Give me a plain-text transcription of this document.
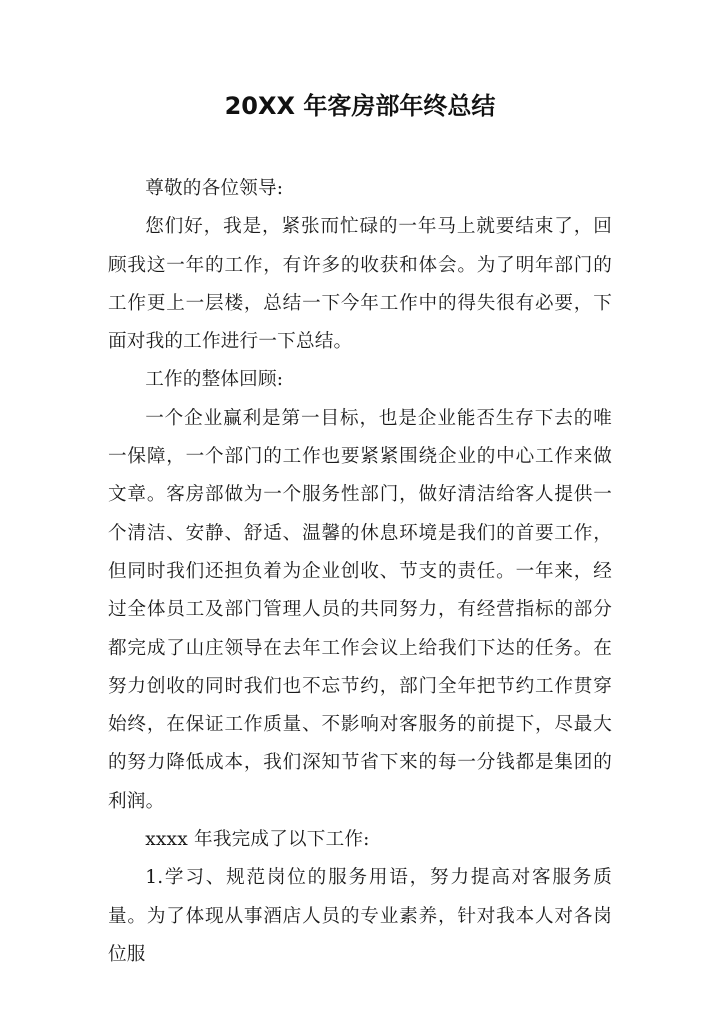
20XX 年客房部年终总结

尊敬的各位领导:

您们好，我是，紧张而忙碌的一年马上就要结束了，回顾我这一年的工作，有许多的收获和体会。为了明年部门的工作更上一层楼，总结一下今年工作中的得失很有必要，下面对我的工作进行一下总结。

工作的整体回顾:

一个企业赢利是第一目标，也是企业能否生存下去的唯一保障，一个部门的工作也要紧紧围绕企业的中心工作来做文章。客房部做为一个服务性部门，做好清洁给客人提供一个清洁、安静、舒适、温馨的休息环境是我们的首要工作，但同时我们还担负着为企业创收、节支的责任。一年来，经过全体员工及部门管理人员的共同努力，有经营指标的部分都完成了山庄领导在去年工作会议上给我们下达的任务。在努力创收的同时我们也不忘节约，部门全年把节约工作贯穿始终，在保证工作质量、不影响对客服务的前提下，尽最大的努力降低成本，我们深知节省下来的每一分钱都是集团的利润。

xxxx 年我完成了以下工作:

1.学习、规范岗位的服务用语，努力提高对客服务质量。为了体现从事酒店人员的专业素养，针对我本人对各岗位服
